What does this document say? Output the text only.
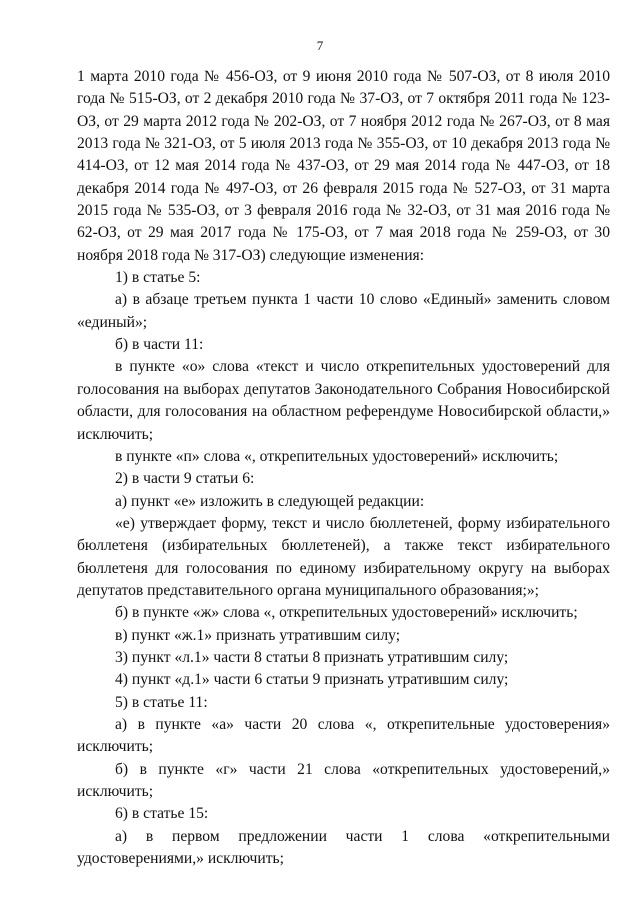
7

1 марта 2010 года № 456-ОЗ, от 9 июня 2010 года № 507-ОЗ, от 8 июля 2010 года № 515-ОЗ, от 2 декабря 2010 года № 37-ОЗ, от 7 октября 2011 года № 123-ОЗ, от 29 марта 2012 года № 202-ОЗ, от 7 ноября 2012 года № 267-ОЗ, от 8 мая 2013 года № 321-ОЗ, от 5 июля 2013 года № 355-ОЗ, от 10 декабря 2013 года № 414-ОЗ, от 12 мая 2014 года № 437-ОЗ, от 29 мая 2014 года № 447-ОЗ, от 18 декабря 2014 года № 497-ОЗ, от 26 февраля 2015 года № 527-ОЗ, от 31 марта 2015 года № 535-ОЗ, от 3 февраля 2016 года № 32-ОЗ, от 31 мая 2016 года № 62-ОЗ, от 29 мая 2017 года № 175-ОЗ, от 7 мая 2018 года № 259-ОЗ, от 30 ноября 2018 года № 317-ОЗ) следующие изменения:

1) в статье 5:

а) в абзаце третьем пункта 1 части 10 слово «Единый» заменить словом «единый»;

б) в части 11:

в пункте «о» слова «текст и число открепительных удостоверений для голосования на выборах депутатов Законодательного Собрания Новосибирской области, для голосования на областном референдуме Новосибирской области,» исключить;

в пункте «п» слова «, открепительных удостоверений» исключить;

2) в части 9 статьи 6:

а) пункт «е» изложить в следующей редакции:

«е) утверждает форму, текст и число бюллетеней, форму избирательного бюллетеня (избирательных бюллетеней), а также текст избирательного бюллетеня для голосования по единому избирательному округу на выборах депутатов представительного органа муниципального образования;»;

б) в пункте «ж» слова «, открепительных удостоверений» исключить;

в) пункт «ж.1» признать утратившим силу;

3) пункт «л.1» части 8 статьи 8 признать утратившим силу;

4) пункт «д.1» части 6 статьи 9 признать утратившим силу;

5) в статье 11:

а) в пункте «а» части 20 слова «, открепительные удостоверения» исключить;

б) в пункте «г» части 21 слова «открепительных удостоверений,» исключить;

6) в статье 15:

а) в первом предложении части 1 слова «открепительными удостоверениями,» исключить;
